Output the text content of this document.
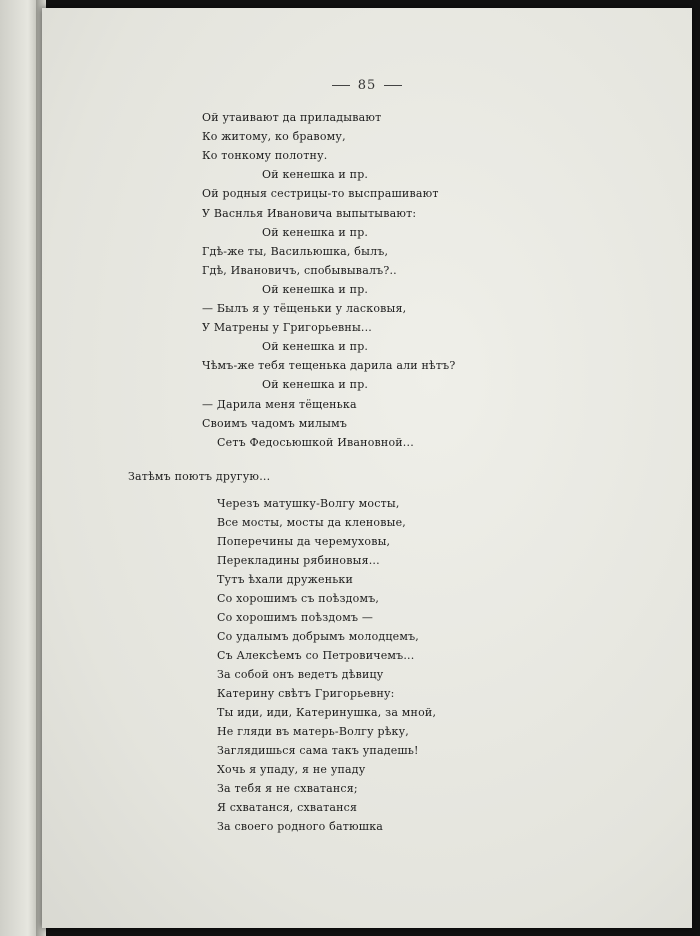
85
Ой утаивают да приладывают
Ко житому, ко бравому,
Ко тонкому полотну.
Ой кенешка и пр.
Ой родныя сестрицы-то выспрашивают
У Васнлья Ивановича выпытывают:
Ой кенешка и пр.
Гдѣ-же ты, Васильюшка, былъ,
Гдѣ, Ивановичъ, спобывывалъ?..
Ой кенешка и пр.
— Былъ я у тёщеньки у ласковыя,
У Матрены у Григорьевны...
Ой кенешка и пр.
Чѣмъ-же тебя тещенька дарила али нѣтъ?
Ой кенешка и пр.
— Дарила меня тёщенька
Своимъ чадомъ милымъ
Сетъ Федосьюшкой Ивановной...
Затѣмъ поютъ другую...
Черезъ матушку-Волгу мосты,
Все мосты, мосты да кленовые,
Поперечины да черемуховы,
Перекладины рябиновыя...
Тутъ ѣхали друженьки
Со хорошимъ съ поѣздомъ,
Со хорошимъ поѣздомъ —
Со удалымъ добрымъ молодцемъ,
Съ Алексѣемъ со Петровичемъ...
За собой онъ ведетъ дѣвицу
Катерину свѣтъ Григорьевну:
Ты иди, иди, Катеринушка, за мной,
Не гляди въ матерь-Волгу рѣку,
Заглядишься сама такъ упадешь!
Хочь я упаду, я не упаду
За тебя я не схватанся;
Я схватанся, схватанся
За своего родного батюшка
